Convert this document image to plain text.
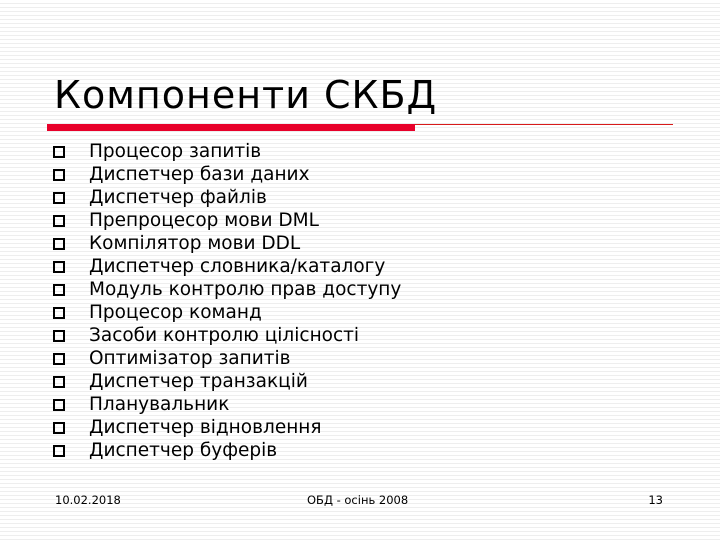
Компоненти СКБД
Процесор запитів
Диспетчер бази даних
Диспетчер файлів
Препроцесор мови DML
Компілятор мови DDL
Диспетчер словника/каталогу
Модуль контролю прав доступу
Процесор команд
Засоби контролю цілісності
Оптимізатор запитів
Диспетчер транзакцій
Планувальник
Диспетчер відновлення
Диспетчер буферів
10.02.2018	ОБД - осінь 2008	13
